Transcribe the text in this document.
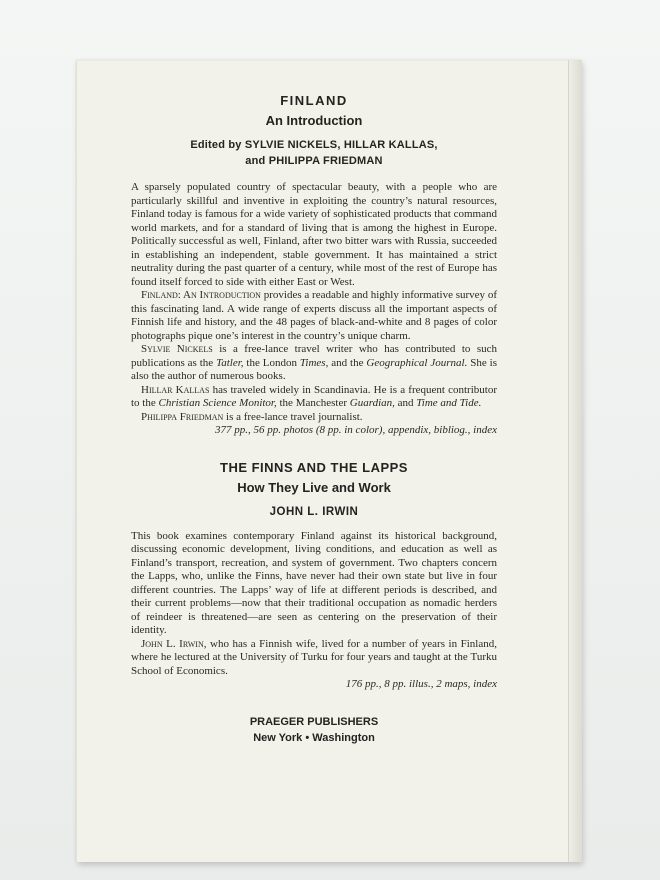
FINLAND
An Introduction
Edited by SYLVIE NICKELS, HILLAR KALLAS,
and PHILIPPA FRIEDMAN

A sparsely populated country of spectacular beauty, with a people who are particularly skillful and inventive in exploiting the country’s natural resources, Finland today is famous for a wide variety of sophisticated products that command world markets, and for a standard of living that is among the highest in Europe. Politically successful as well, Finland, after two bitter wars with Russia, succeeded in establishing an independent, stable government. It has maintained a strict neutrality during the past quarter of a century, while most of the rest of Europe has found itself forced to side with either East or West.

Finland: An Introduction provides a readable and highly informative survey of this fascinating land. A wide range of experts discuss all the important aspects of Finnish life and history, and the 48 pages of black-and-white and 8 pages of color photographs pique one’s interest in the country’s unique charm.

Sylvie Nickels is a free-lance travel writer who has contributed to such publications as the Tatler, the London Times, and the Geographical Journal. She is also the author of numerous books.

Hillar Kallas has traveled widely in Scandinavia. He is a frequent contributor to the Christian Science Monitor, the Manchester Guardian, and Time and Tide.

Philippa Friedman is a free-lance travel journalist.

377 pp., 56 pp. photos (8 pp. in color), appendix, bibliog., index
THE FINNS AND THE LAPPS
How They Live and Work
JOHN L. IRWIN

This book examines contemporary Finland against its historical background, discussing economic development, living conditions, and education as well as Finland’s transport, recreation, and system of government. Two chapters concern the Lapps, who, unlike the Finns, have never had their own state but live in four different countries. The Lapps’ way of life at different periods is described, and their current problems—now that their traditional occupation as nomadic herders of reindeer is threatened—are seen as centering on the preservation of their identity.

John L. Irwin, who has a Finnish wife, lived for a number of years in Finland, where he lectured at the University of Turku for four years and taught at the Turku School of Economics.

176 pp., 8 pp. illus., 2 maps, index
PRAEGER PUBLISHERS
New York • Washington
